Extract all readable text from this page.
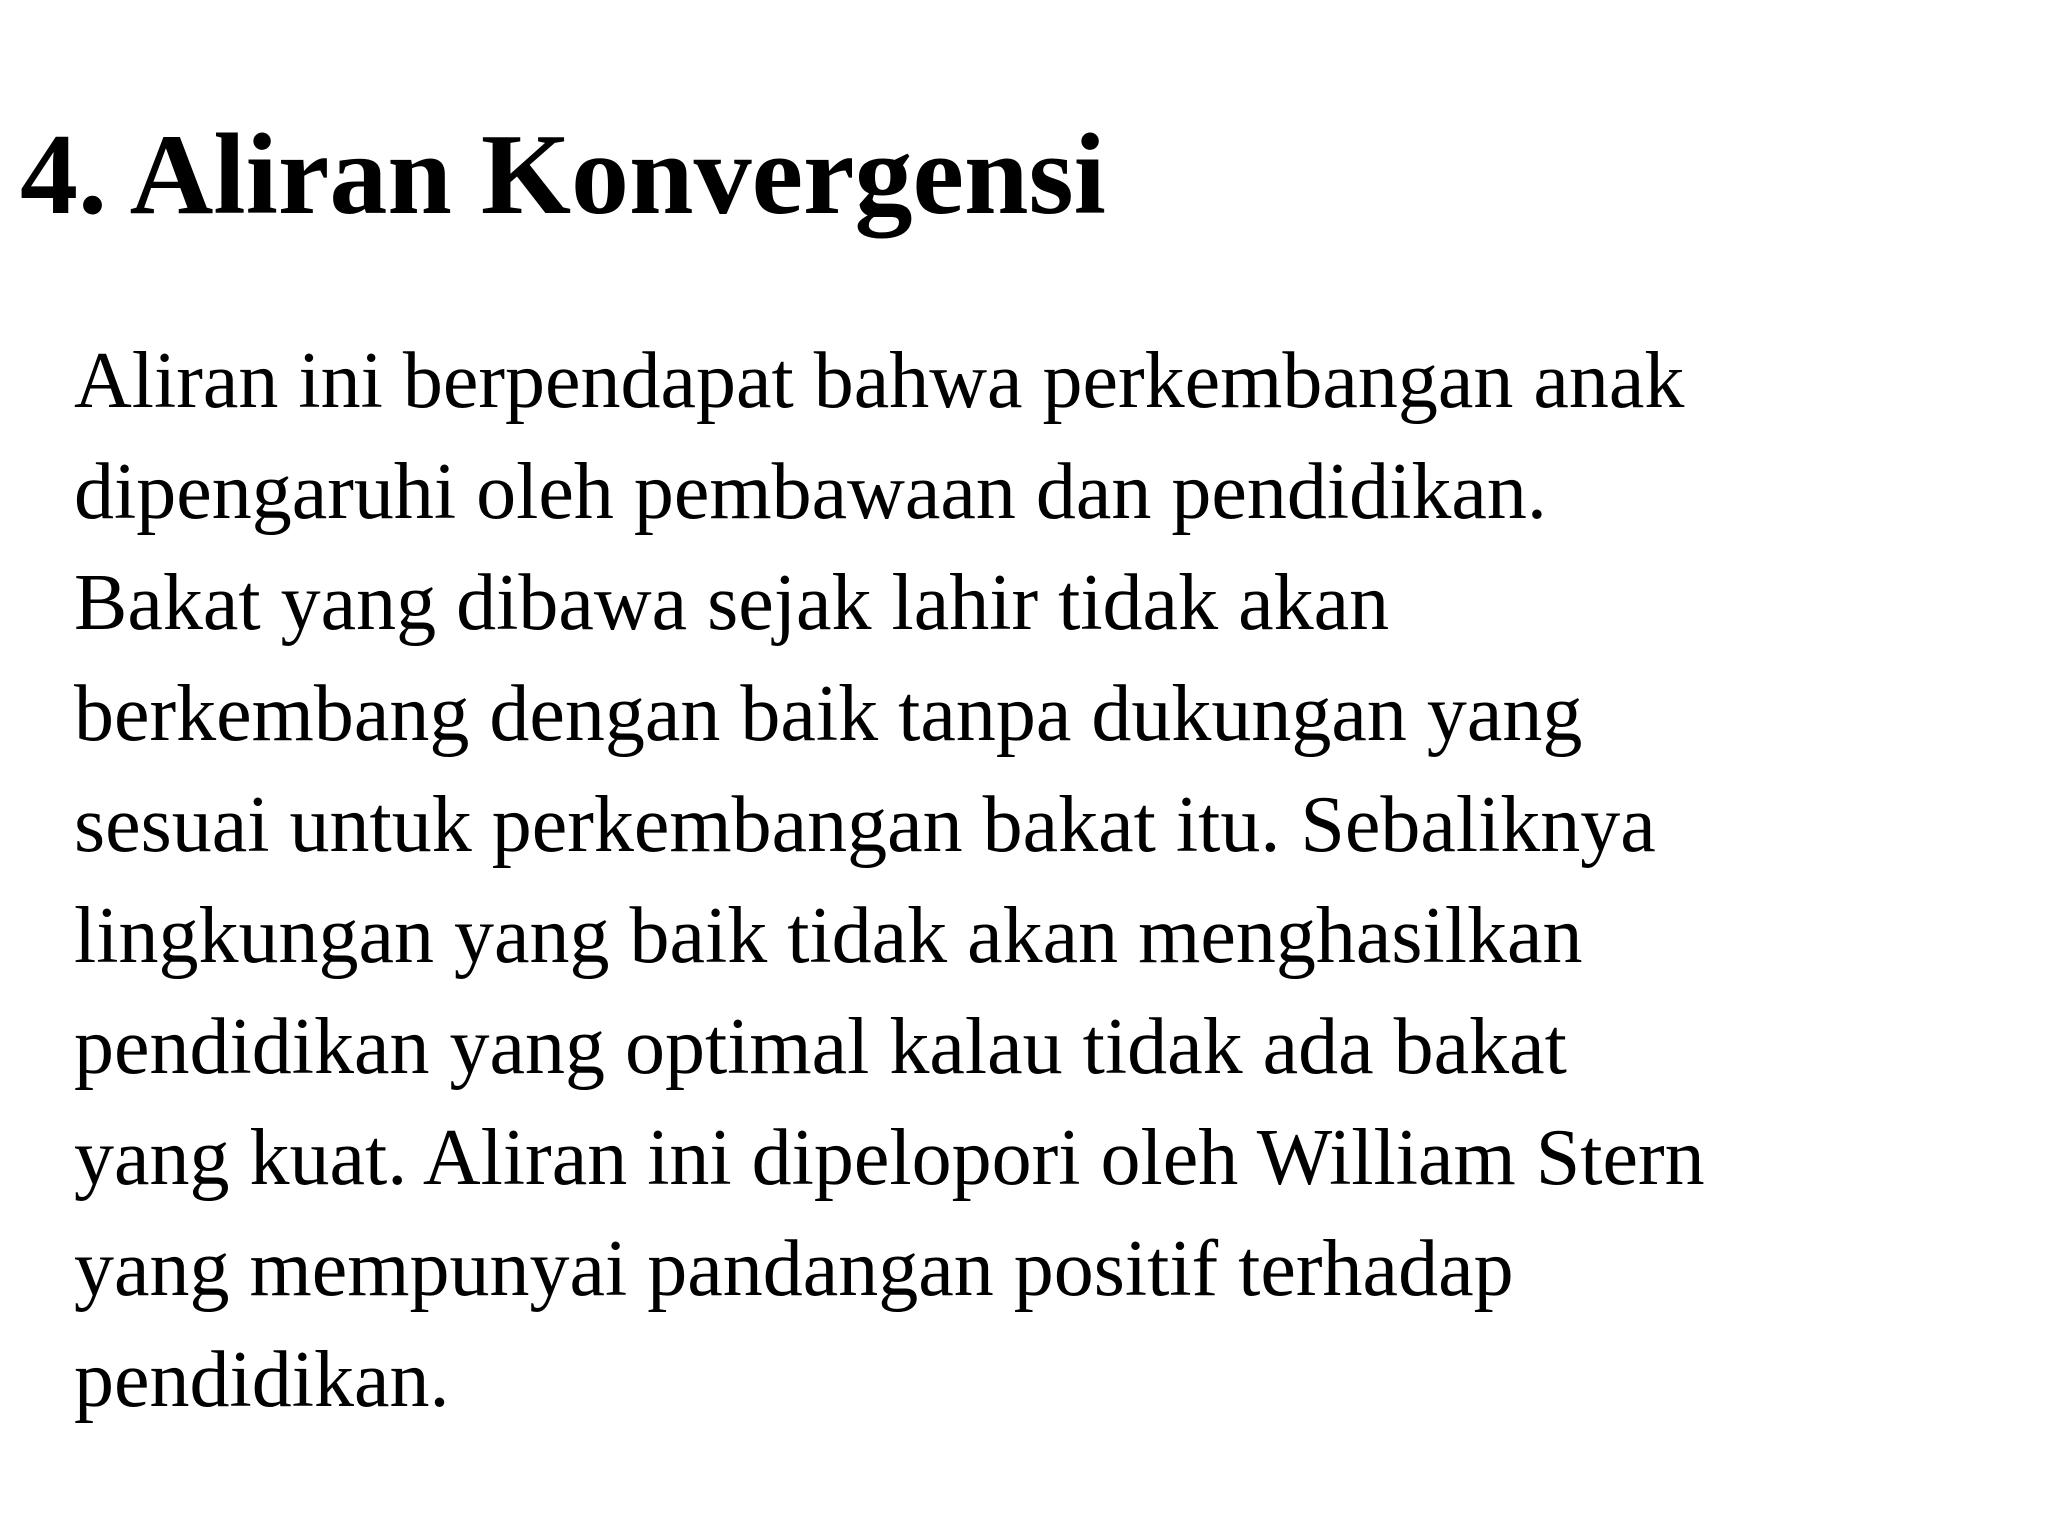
4. Aliran Konvergensi

Aliran ini berpendapat bahwa perkembangan anak
dipengaruhi oleh pembawaan dan pendidikan.
Bakat yang dibawa sejak lahir tidak akan
berkembang dengan baik tanpa dukungan yang
sesuai untuk perkembangan bakat itu. Sebaliknya
lingkungan yang baik tidak akan menghasilkan
pendidikan yang optimal kalau tidak ada bakat
yang kuat. Aliran ini dipelopori oleh William Stern
yang mempunyai pandangan positif terhadap
pendidikan.
